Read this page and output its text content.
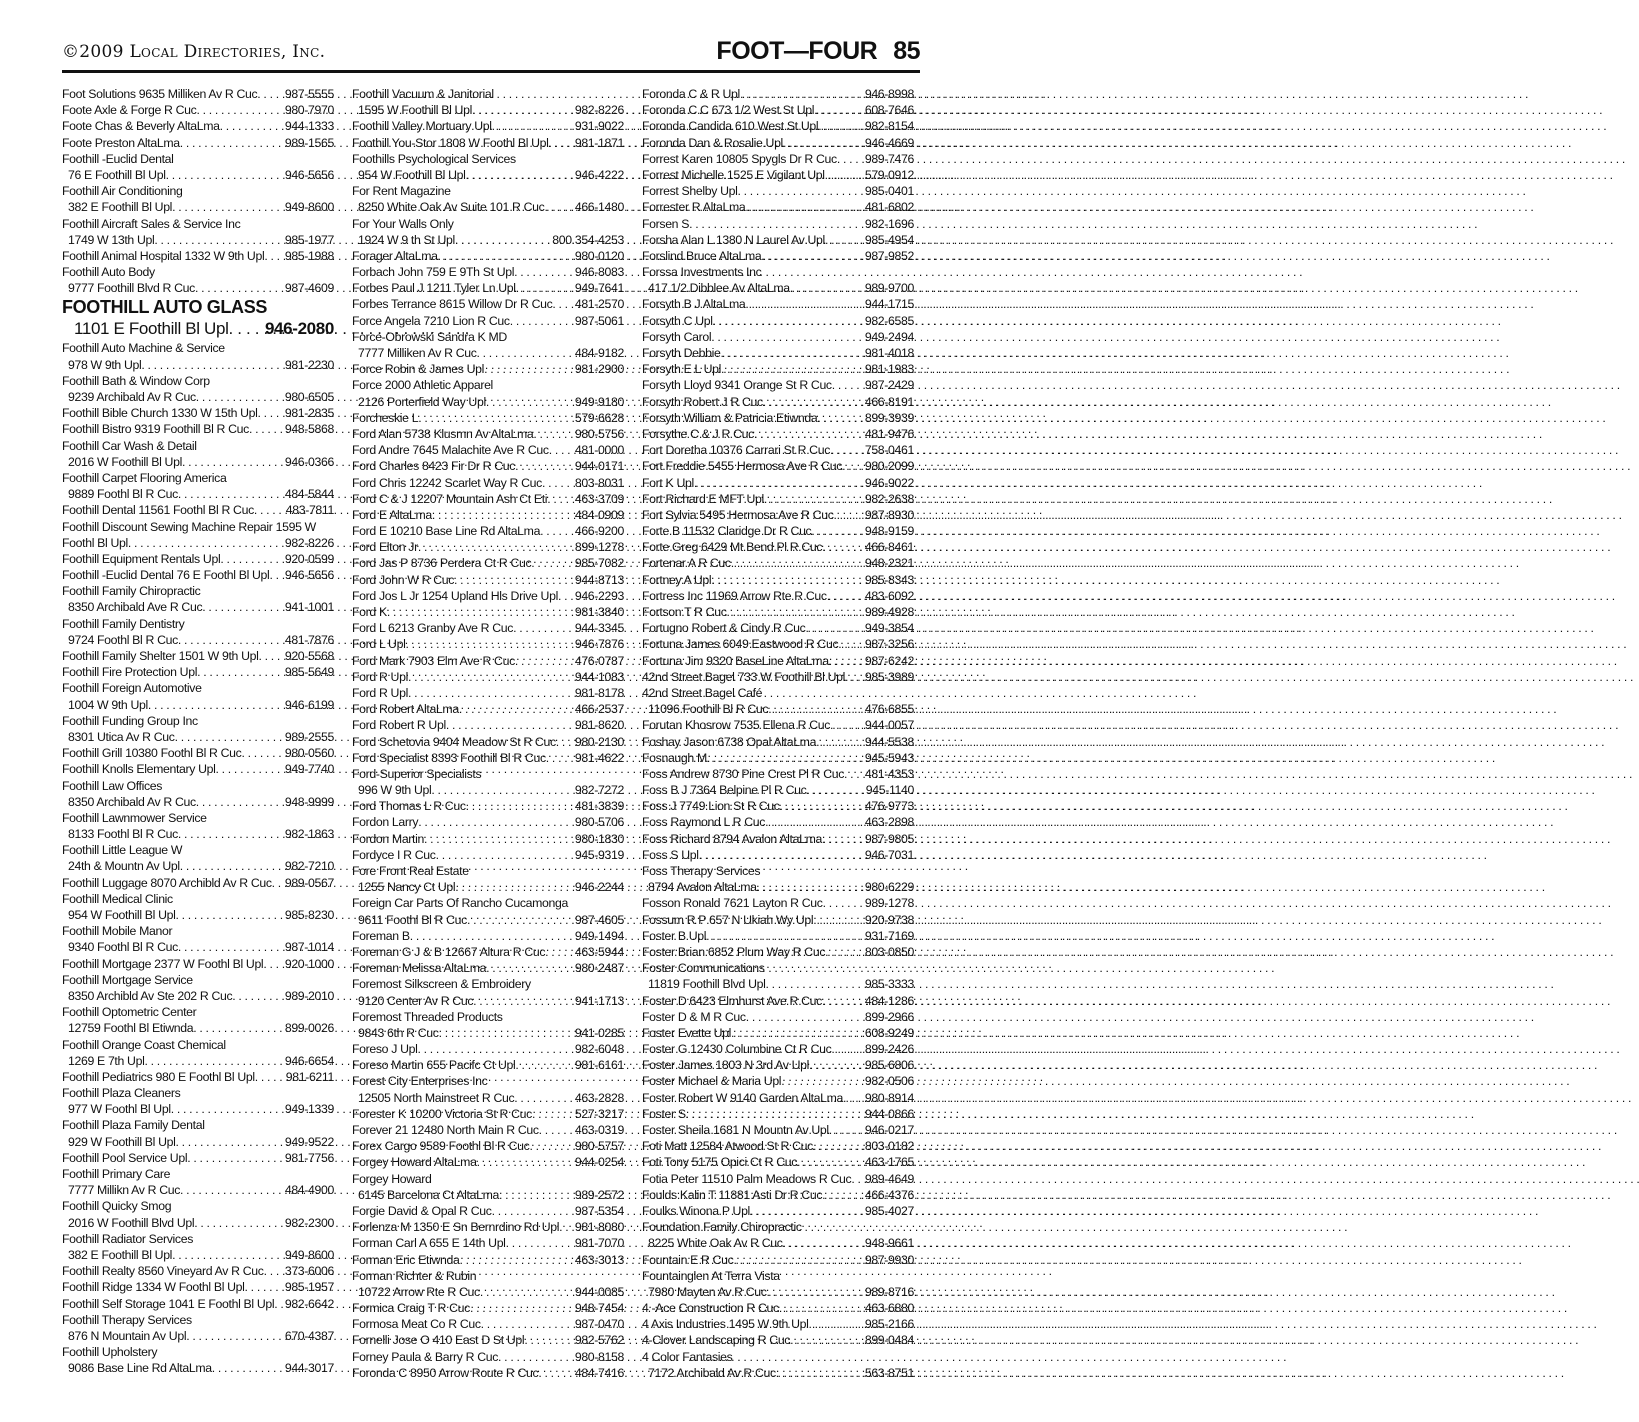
©2009 Local Directories, Inc.	FOOT—FOUR 85
Foot Solutions 9635 Milliken Av R Cuc . . . 987-5555
Foote Axle & Forge R Cuc . . .	980-7970
Foote Chas & Beverly AltaLma . . .	944-1333
Foote Preston AltaLma . . .	989-1565
Foothill -Euclid Dental
76 E Foothill Bl Upl . . .	946-5656
Foothill Air Conditioning
382 E Foothill Bl Upl . . .	949-8600
Foothill Aircraft Sales & Service Inc
1749 W 13th Upl . . .	985-1977
Foothill Animal Hospital 1332 W 9th Upl . . . 985-1988
Foothill Auto Body
9777 Foothill Blvd R Cuc . . .	987-4609
FOOTHILL AUTO GLASS
1101 E Foothill Bl Upl . . . 946-2080
Foothill Auto Machine & Service
978 W 9th Upl . . .	981-2230
Foothill Bath & Window Corp
9239 Archibald Av R Cuc . . .	980-6505
Foothill Bible Church 1330 W 15th Upl . . . 981-2835
Foothill Bistro 9319 Foothill Bl R Cuc . . .	948-5868
Foothill Car Wash & Detail
2016 W Foothill Bl Upl . . .	946-0366
Foothill Carpet Flooring America
9889 Foothl Bl R Cuc . . .	484-5844
Foothill Dental 11561 Foothl Bl R Cuc . . .	483-7811
Foothill Discount Sewing Machine Repair 1595 W
Foothl Bl Upl . . .	982-8226
Foothill Equipment Rentals Upl . . .	920-0599
Foothill -Euclid Dental 76 E Foothl Bl Upl . . . 946-5656
Foothill Family Chiropractic
8350 Archibald Ave R Cuc . . .	941-1001
Foothill Family Dentistry
9724 Foothl Bl R Cuc . . .	481-7876
Foothill Family Shelter 1501 W 9th Upl . . . 920-5568
Foothill Fire Protection Upl . . .	985-5649
Foothill Foreign Automotive
1004 W 9th Upl . . .	946-6199
Foothill Funding Group Inc
8301 Utica Av R Cuc . . .	989-2555
Foothill Grill 10380 Foothl Bl R Cuc . . .	980-0560
Foothill Knolls Elementary Upl . . .	949-7740
Foothill Law Offices
8350 Archibald Av R Cuc . . .	948-9999
Foothill Lawnmower Service
8133 Foothl Bl R Cuc . . .	982-1863
Foothill Little League W
24th & Mountn Av Upl . . .	982-7210
Foothill Luggage 8070 Archibld Av R Cuc . . . 989-0567
Foothill Medical Clinic
954 W Foothill Bl Upl . . .	985-8230
Foothill Mobile Manor
9340 Foothl Bl R Cuc . . .	987-1014
Foothill Mortgage 2377 W Foothl Bl Upl . . . 920-1000
Foothill Mortgage Service
8350 Archibld Av Ste 202 R Cuc . . .	989-2010
Foothill Optometric Center
12759 Foothl Bl Etiwnda . . .	899-0026
Foothill Orange Coast Chemical
1269 E 7th Upl . . .	946-6654
Foothill Pediatrics 980 E Foothl Bl Upl . . .	981-6211
Foothill Plaza Cleaners
977 W Foothl Bl Upl . . .	949-1339
Foothill Plaza Family Dental
929 W Foothill Bl Upl . . .	949-9522
Foothill Pool Service Upl . . .	981-7756
Foothill Primary Care
7777 Millikn Av R Cuc . . .	484-4900
Foothill Quicky Smog
2016 W Foothill Blvd Upl . . .	982-2300
Foothill Radiator Services
382 E Foothill Bl Upl . . .	949-8600
Foothill Realty 8560 Vineyard Av R Cuc . . . 373-6006
Foothill Ridge 1334 W Foothl Bl Upl . . .	985-1957
Foothill Self Storage 1041 E Foothl Bl Upl . . . 982-6642
Foothill Therapy Services
876 N Mountain Av Upl . . .	670-4387
Foothill Upholstery
9086 Base Line Rd AltaLma . . .	944-3017
Foothill Vacuum & Janitorial
1595 W Foothill Bl Upl . . .	982-8226
Foothill Valley Mortuary Upl . . .	931-9022
Foothill You-Stor 1808 W Foothl Bl Upl . . . 981-1871
Foothills Psychological Services
954 W Foothill Bl Upl . . .	946-4222
For Rent Magazine
8250 White Oak Av Suite 101 R Cuc . . . 466-1480
For Your Walls Only
1924 W 9 th St Upl . . .	800 354-4253
Forager AltaLma . . .	980-0120
Forbach John 759 E 9Th St Upl . . .	946-8083
Forbes Paul J 1211 Tyler Ln Upl . . .	949-7641
Forbes Terrance 8615 Willow Dr R Cuc . . . 481-2570
Force Angela 7210 Lion R Cuc . . .	987-5061
Force-Obrowski Sandra K MD
7777 Milliken Av R Cuc . . .	484-9182
Force Robin & James Upl . . .	981-2900
Force 2000 Athletic Apparel
2126 Porterfield Way Upl . . .	949-9180
Forcheskie L . . .	579-6628
Ford Alan 5738 Klusmn Av AltaLma . . .	980-5756
Ford Andre 7645 Malachite Ave R Cuc . . . 481-0000
Ford Charles 8423 Fir Dr R Cuc . . .	944-0171
Ford Chris 12242 Scarlet Way R Cuc . . .	803-8031
Ford C & J 12207 Mountain Ash Ct Eti . . . 463-3709
Ford E AltaLma . . .	484-0909
Ford E 10210 Base Line Rd AltaLma . . .	466-9200
Ford Elton Jr . . .	899-1278
Ford Jas P 8736 Perdera Ct R Cuc . . .	985-7082
Ford John W R Cuc . . .	944-8713
Ford Jos L Jr 1254 Upland Hls Drive Upl . . . 946-2293
Ford K . . .	981-3840
Ford L 6213 Granby Ave R Cuc . . .	944-3345
Ford L Upl . . .	946-7876
Ford Mark 7903 Elm Ave R Cuc . . .	476-0787
Ford R Upl . . .	944-1083
Ford R Upl . . .	981-8178
Ford Robert AltaLma . . .	466-2537
Ford Robert R Upl . . .	981-8620
Ford Schetovia 9404 Meadow St R Cuc . . . 980-2130
Ford Specialist 8393 Foothill Bl R Cuc . . . 981-4622
Ford-Superior Specialists
996 W 9th Upl . . .	982-7272
Ford Thomas L R Cuc . . .	481-3839
Fordon Larry . . .	980-5706
Fordon Martin . . .	980-1830
Fordyce I R Cuc . . .	945-9319
Fore Front Real Estate
1255 Nancy Ct Upl . . .	946-2244
Foreign Car Parts Of Rancho Cucamonga
9611 Foothl Bl R Cuc . . .	987-4605
Foreman B . . .	949-1494
Foreman G J & B 12667 Altura R Cuc . . . 463-5944
Foreman Melissa AltaLma . . .	980-2487
Foremost Silkscreen & Embroidery
9120 Center Av R Cuc . . .	941-1713
Foremost Threaded Products
9843 6th R Cuc . . .	941-0285
Foreso J Upl . . .	982-6048
Foreso Martin 655 Pacifc Ct Upl . . .	981-6161
Forest City Enterprises Inc
12505 North Mainstreet R Cuc . . .	463-2828
Forester K 10200 Victoria St R Cuc . . .	527-3217
Forever 21 12480 North Main R Cuc . . .	463-0319
Forex Cargo 9589 Foothl Bl R Cuc . . .	980-5757
Forgey Howard AltaLma . . .	944-0254
Forgey Howard
6145 Barcelona Ct AltaLma . . .	989-2572
Forgie David & Opal R Cuc . . .	987-5354
Forlenza M 1350 E Sn Bernrdino Rd Upl . . . 981-8080
Forman Carl A 655 E 14th Upl . . .	981-7070
Forman Eric Etiwnda . . .	463-3013
Forman Richter & Rubin
10722 Arrow Rte R Cuc . . .	944-0085
Formica Craig T R Cuc . . .	948-7454
Formosa Meat Co R Cuc . . .	987-0470
Fornelli Jose O 410 East D St Upl . . .	982-5762
Forney Paula & Barry R Cuc . . .	980-8158
Foronda C 8950 Arrow Route R Cuc . . .	484-7416
Foronda C & R Upl . . .	946-8998
Foronda C.C 673 1/2 West St Upl . . .	608-7646
Foronda Candida 610 West St Upl . . .	982-8154
Foronda Dan & Rosalie Upl . . .	946-4669
Forrest Karen 10805 Spygls Dr R Cuc . . . 989-7476
Forrest Michelle 1525 E Vigilant Upl . . .	579-0912
Forrest Shelby Upl . . .	985-0401
Forrester R AltaLma . . .	481-6802
Forsen S . . .	982-1696
Forsha Alan L 1380 N Laurel Av Upl . . .	985-4954
Forslind Bruce AltaLma . . .	987-9852
Forssa Investments Inc
417 1/2 Dibblee Av AltaLma . . .	989-9700
Forsyth B J AltaLma . . .	944-1715
Forsyth C Upl . . .	982-6585
Forsyth Carol . . .	949-2494
Forsyth Debbie . . .	981-4018
Forsyth E L Upl . . .	981-1983
Forsyth Lloyd 9341 Orange St R Cuc . . .	987-2429
Forsyth Robert J R Cuc . . .	466-8191
Forsyth William & Patricia Etiwnda . . .	899-3939
Forsythe C & J R Cuc . . .	481-9476
Fort Doretha 10376 Carrari St R Cuc . . .	758-0461
Fort Freddie 5455 Hermosa Ave R Cuc . . . 980-2099
Fort K Upl . . .	946-9022
Fort Richard E MFT Upl . . .	982-2638
Fort Sylvia 5495 Hermosa Ave R Cuc . . .	987-8930
Forte B 11532 Claridge Dr R Cuc . . .	948-9159
Forte Greg 6429 Mt Bend Pl R Cuc . . .	466-8461
Fortenar A R Cuc . . .	948-2321
Fortney A Upl . . .	985-8343
Fortress Inc 11969 Arrow Rte R Cuc . . .	483-6092
Fortson T R Cuc . . .	989-4928
Fortugno Robert & Cindy R Cuc . . .	949-3854
Fortuna James 6049 Eastwood R Cuc . . . 987-3256
Fortuna Jim 9320 BaseLine AltaLma . . .	987-6242
42nd Street Bagel 733 W Foothill Bl Upl . . . 985-3989
42nd Street Bagel Café
11096 Foothill Bl R Cuc . . .	476-6855
Forutan Khosrow 7535 Ellena R Cuc . . .	944-0057
Foshay Jason 6738 Opal AltaLma . . .	944-5538
Fosnaugh M . . .	945-5943
Foss Andrew 8730 Pine Crest Pl R Cuc . . . 481-4353
Foss B J 7364 Belpine Pl R Cuc . . .	945-1140
Foss J 7749 Lion St R Cuc . . .	476-9773
Foss Raymond L R Cuc . . .	463-2898
Foss Richard 8794 Avalon AltaLma . . .	987-9805
Foss S Upl . . .	946-7031
Foss Therapy Services
8794 Avalon AltaLma . . .	980-6229
Fosson Ronald 7621 Layton R Cuc . . .	989-1278
Fossum R P 657 N Ukiah Wy Upl . . .	920-9738
Foster B Upl . . .	931-7169
Foster Brian 6852 Plum Way R Cuc . . .	803-0850
Foster Communications
11819 Foothill Blvd Upl . . .	985-3333
Foster D 6423 Elmhurst Ave R Cuc . . .	484-1286
Foster D & M R Cuc . . .	899-2966
Foster Evette Upl . . .	608-9249
Foster G 12430 Columbine Ct R Cuc . . .	899-2426
Foster James 1803 N 3rd Av Upl . . .	985-6806
Foster Michael & Maria Upl . . .	982-0506
Foster Robert W 9140 Garden AltaLma . . . 980-8914
Foster S . . .	944-0866
Foster Sheila 1681 N Mountn Av Upl . . .	946-0217
Foti Matt 12584 Atwood St R Cuc . . .	803-0182
Foti Tony 5175 Opici Ct R Cuc . . .	463-1765
Fotia Peter 11510 Palm Meadows R Cuc . . . 989-4649
Foulds Kalin T 11881 Asti Dr R Cuc . . .	466-4376
Foulks Winona P Upl . . .	985-4027
Foundation Family Chiropractic
8225 White Oak Av R Cuc . . .	948-9661
Fountain E R Cuc . . .	987-9930
Fountainglen At Terra Vista
7980 Mayten Av R Cuc . . .	989-8716
4 -Ace Construction R Cuc . . .	463-6880
4 Axis Industries 1495 W 9th Upl . . .	985-2166
4-Clover Landscaping R Cuc . . .	899-0484
4 Color Fantasies
7172 Archibald Av R Cuc . . .	563-8751
